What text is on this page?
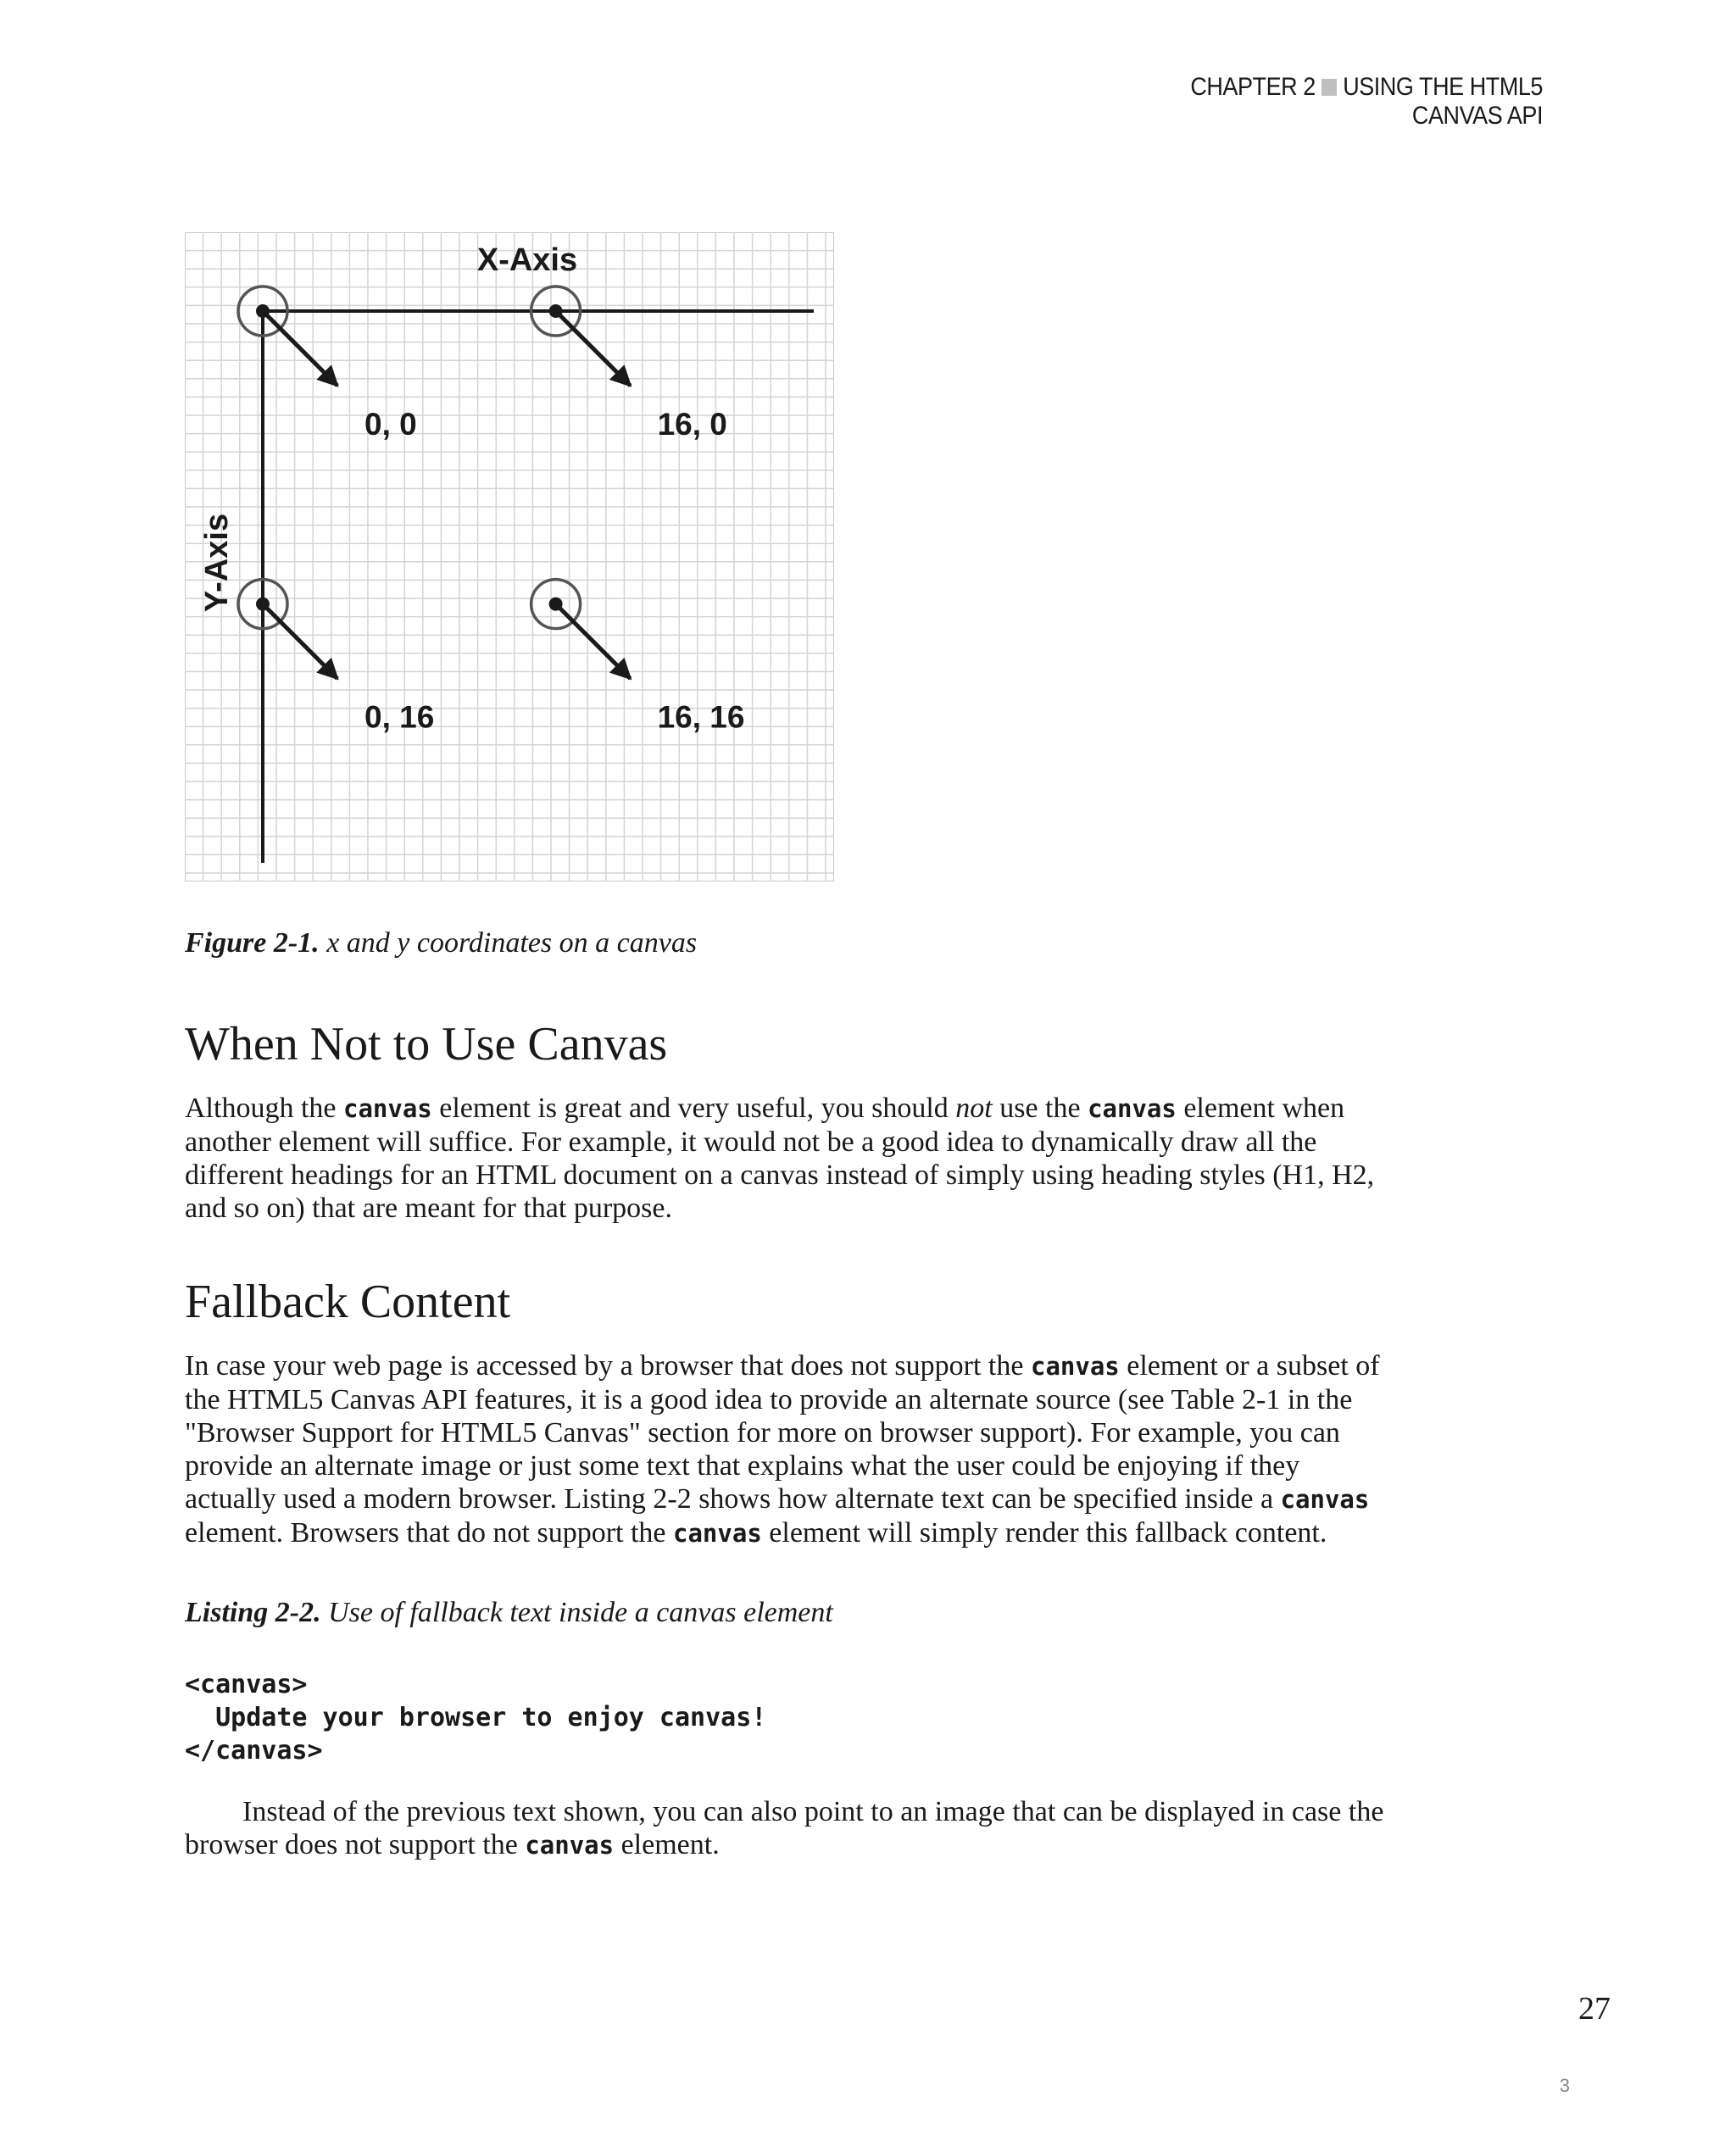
CHAPTER 2 USING THE HTML5 CANVAS API
X-Axis
Y-Axis
0, 0	16, 0
0, 16	16, 16
Figure 2-1. x and y coordinates on a canvas
When Not to Use Canvas

Although the canvas element is great and very useful, you should not use the canvas element when
another element will suffice. For example, it would not be a good idea to dynamically draw all the
different headings for an HTML document on a canvas instead of simply using heading styles (H1, H2,
and so on) that are meant for that purpose.

Fallback Content

In case your web page is accessed by a browser that does not support the canvas element or a subset of
the HTML5 Canvas API features, it is a good idea to provide an alternate source (see Table 2-1 in the
"Browser Support for HTML5 Canvas" section for more on browser support). For example, you can
provide an alternate image or just some text that explains what the user could be enjoying if they
actually used a modern browser. Listing 2-2 shows how alternate text can be specified inside a canvas
element. Browsers that do not support the canvas element will simply render this fallback content.

Listing 2-2. Use of fallback text inside a canvas element
<canvas>
Update your browser to enjoy canvas!
</canvas>

Instead of the previous text shown, you can also point to an image that can be displayed in case the
browser does not support the canvas element.

27
3
